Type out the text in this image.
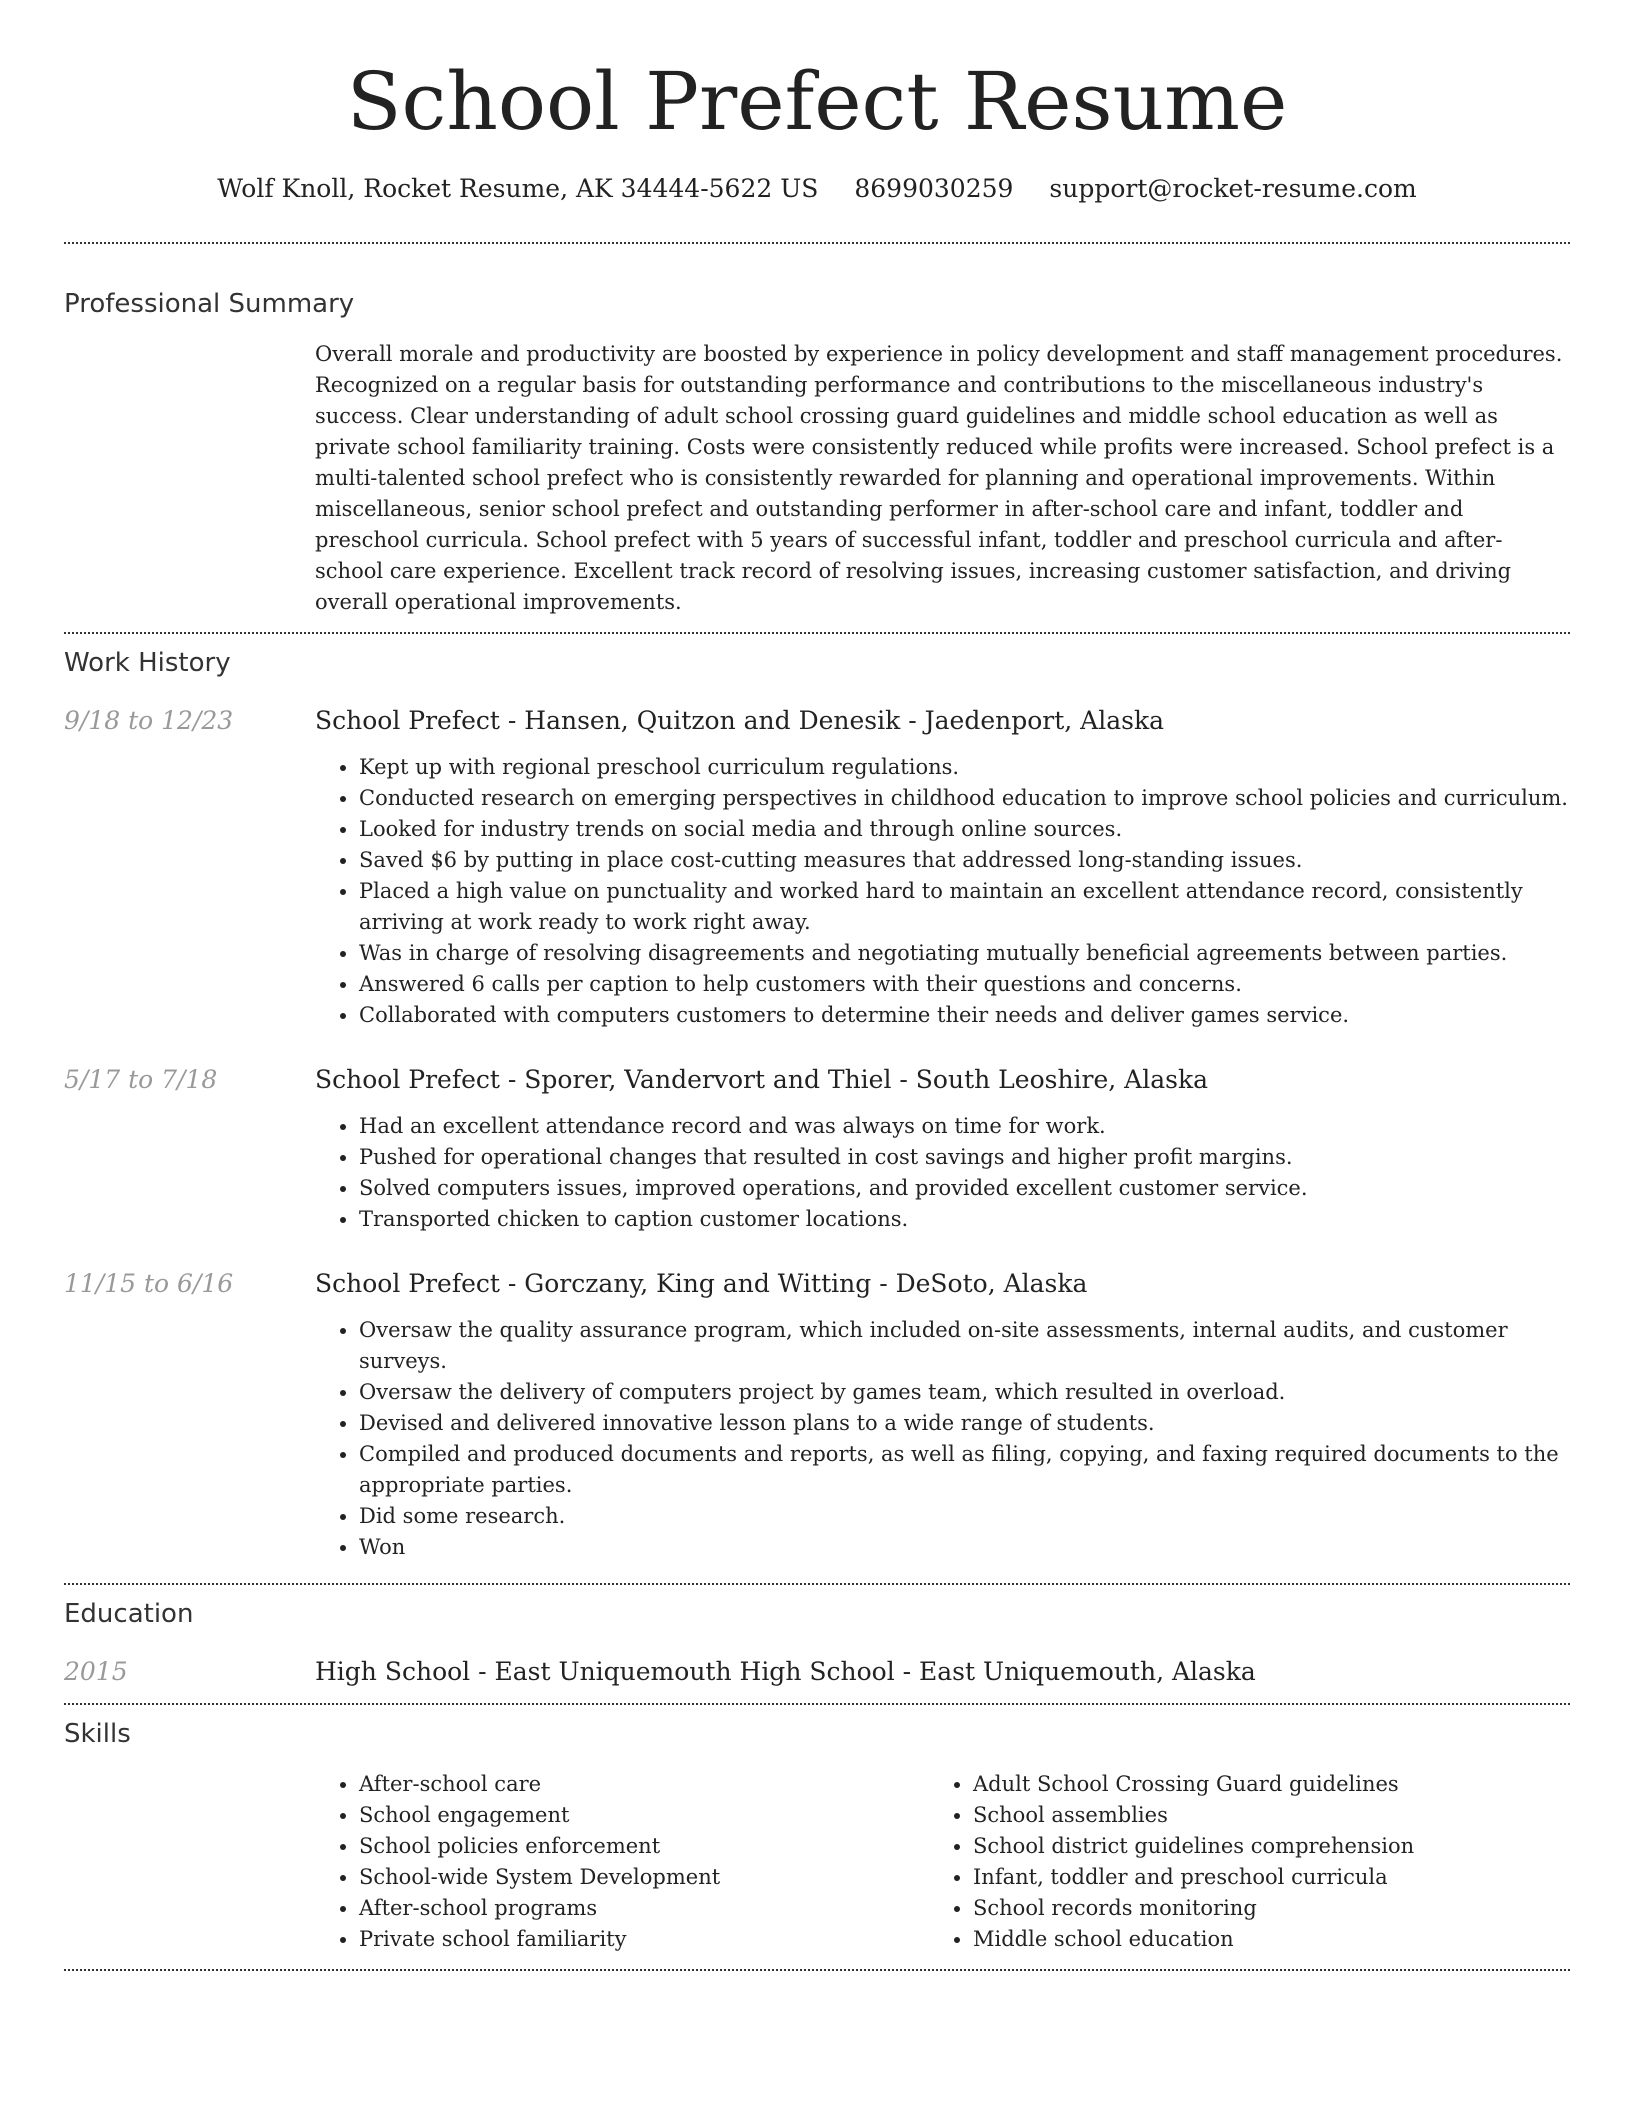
School Prefect Resume
Wolf Knoll, Rocket Resume, AK 34444-5622 US 8699030259 support@rocket-resume.com
Professional Summary

Overall morale and productivity are boosted by experience in policy development and staff management procedures. Recognized on a regular basis for outstanding performance and contributions to the miscellaneous industry's success. Clear understanding of adult school crossing guard guidelines and middle school education as well as private school familiarity training. Costs were consistently reduced while profits were increased. School prefect is a multi-talented school prefect who is consistently rewarded for planning and operational improvements. Within miscellaneous, senior school prefect and outstanding performer in after-school care and infant, toddler and preschool curricula. School prefect with 5 years of successful infant, toddler and preschool curricula and after-school care experience. Excellent track record of resolving issues, increasing customer satisfaction, and driving overall operational improvements.

Work History
9/18 to 12/23	School Prefect - Hansen, Quitzon and Denesik - Jaedenport, Alaska
• Kept up with regional preschool curriculum regulations.
• Conducted research on emerging perspectives in childhood education to improve school policies and curriculum.
• Looked for industry trends on social media and through online sources.
• Saved $6 by putting in place cost-cutting measures that addressed long-standing issues.
• Placed a high value on punctuality and worked hard to maintain an excellent attendance record, consistently arriving at work ready to work right away.
• Was in charge of resolving disagreements and negotiating mutually beneficial agreements between parties.
• Answered 6 calls per caption to help customers with their questions and concerns.
• Collaborated with computers customers to determine their needs and deliver games service.
5/17 to 7/18	School Prefect - Sporer, Vandervort and Thiel - South Leoshire, Alaska
• Had an excellent attendance record and was always on time for work.
• Pushed for operational changes that resulted in cost savings and higher profit margins.
• Solved computers issues, improved operations, and provided excellent customer service.
• Transported chicken to caption customer locations.
11/15 to 6/16	School Prefect - Gorczany, King and Witting - DeSoto, Alaska
• Oversaw the quality assurance program, which included on-site assessments, internal audits, and customer surveys.
• Oversaw the delivery of computers project by games team, which resulted in overload.
• Devised and delivered innovative lesson plans to a wide range of students.
• Compiled and produced documents and reports, as well as filing, copying, and faxing required documents to the appropriate parties.
• Did some research.
• Won
Education
2015	High School - East Uniquemouth High School - East Uniquemouth, Alaska
Skills
• After-school care
• School engagement
• School policies enforcement
• School-wide System Development
• After-school programs
• Private school familiarity
• Adult School Crossing Guard guidelines
• School assemblies
• School district guidelines comprehension
• Infant, toddler and preschool curricula
• School records monitoring
• Middle school education
